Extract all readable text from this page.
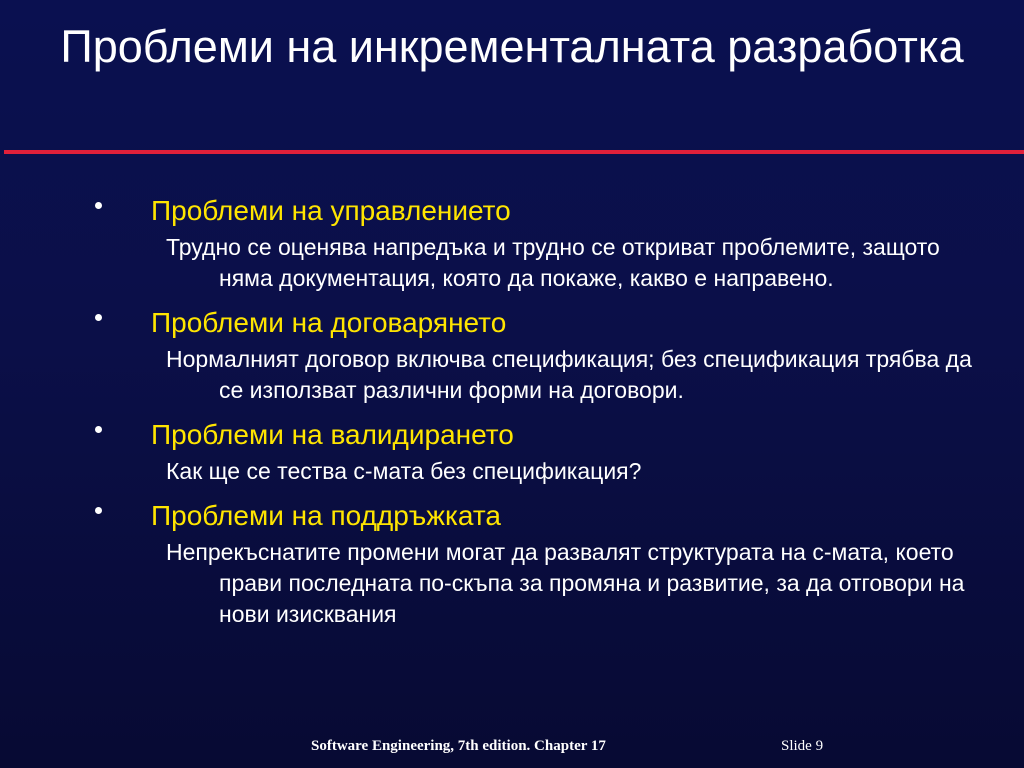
Проблеми на инкременталната разработка
Проблеми на управлението
Трудно се оценява напредъка и трудно се откриват проблемите, защото няма документация, която да покаже, какво е направено.
Проблеми на договарянето
Нормалният договор включва спецификация; без спецификация трябва да се използват различни форми на договори.
Проблеми на валидирането
Как ще се тества с-мата без спецификация?
Проблеми на поддръжката
Непрекъснатите промени могат да развалят структурата на с-мата, което прави последната по-скъпа за промяна и развитие, за да отговори на нови изисквания
Software Engineering, 7th edition. Chapter 17	Slide 9
